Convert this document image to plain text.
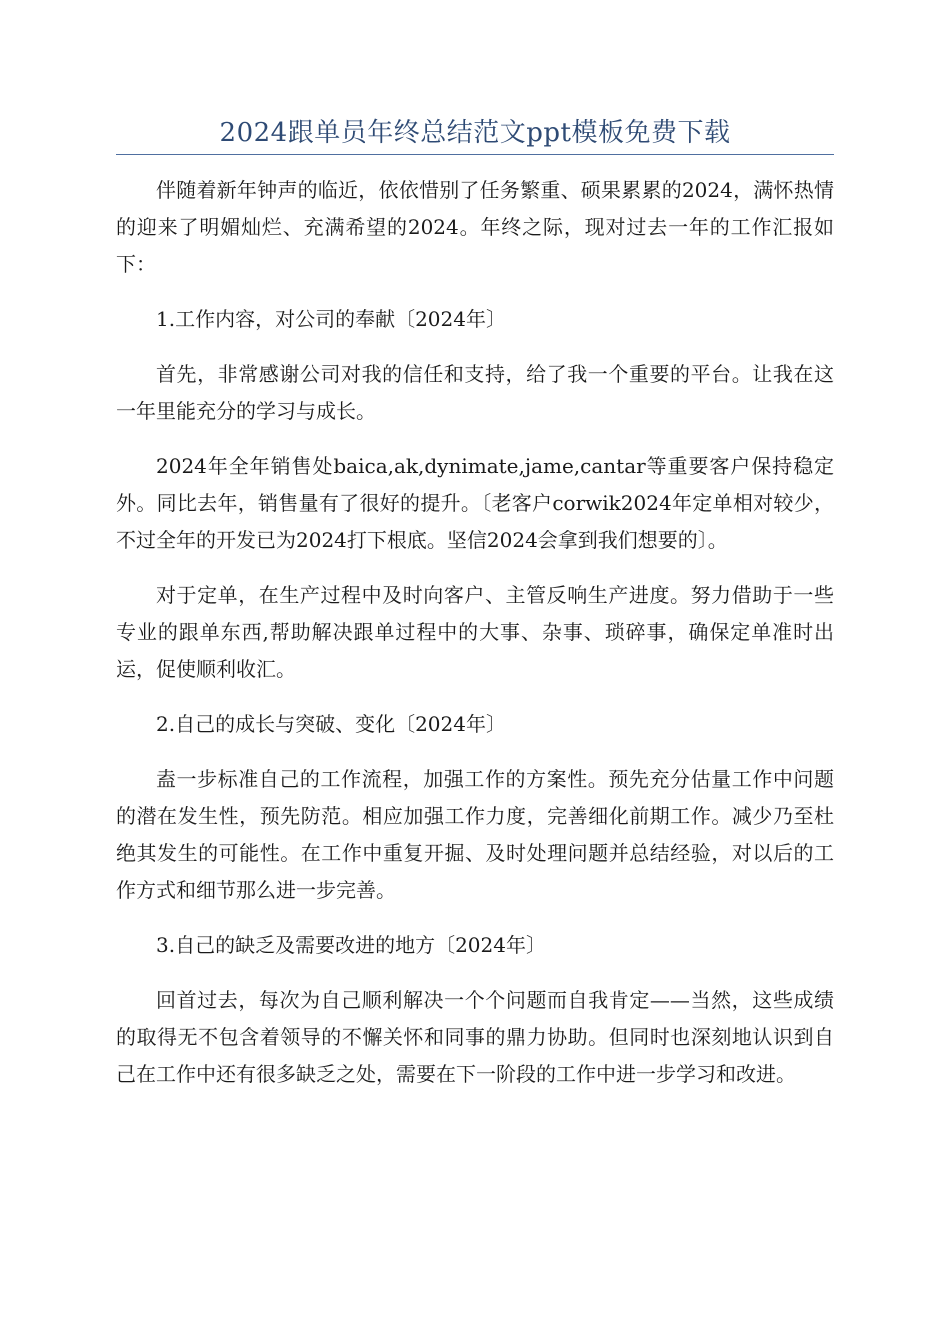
2024跟单员年终总结范文ppt模板免费下载

伴随着新年钟声的临近，依依惜别了任务繁重、硕果累累的2024，满怀热情的迎来了明媚灿烂、充满希望的2024。年终之际，现对过去一年的工作汇报如下：

1.工作内容，对公司的奉献〔2024年〕

首先，非常感谢公司对我的信任和支持，给了我一个重要的平台。让我在这一年里能充分的学习与成长。

2024年全年销售处baica,ak,dynimate,jame,cantar等重要客户保持稳定外。同比去年，销售量有了很好的提升。〔老客户corwik2024年定单相对较少，不过全年的开发已为2024打下根底。坚信2024会拿到我们想要的〕。

对于定单，在生产过程中及时向客户、主管反响生产进度。努力借助于一些专业的跟单东西,帮助解决跟单过程中的大事、杂事、琐碎事，确保定单准时出运，促使顺利收汇。

2.自己的成长与突破、变化〔2024年〕

盍一步标准自己的工作流程，加强工作的方案性。预先充分估量工作中问题的潜在发生性，预先防范。相应加强工作力度，完善细化前期工作。减少乃至杜绝其发生的可能性。在工作中重复开掘、及时处理问题并总结经验，对以后的工作方式和细节那么进一步完善。

3.自己的缺乏及需要改进的地方〔2024年〕

回首过去，每次为自己顺利解决一个个问题而自我肯定——当然，这些成绩的取得无不包含着领导的不懈关怀和同事的鼎力协助。但同时也深刻地认识到自己在工作中还有很多缺乏之处，需要在下一阶段的工作中进一步学习和改进。
